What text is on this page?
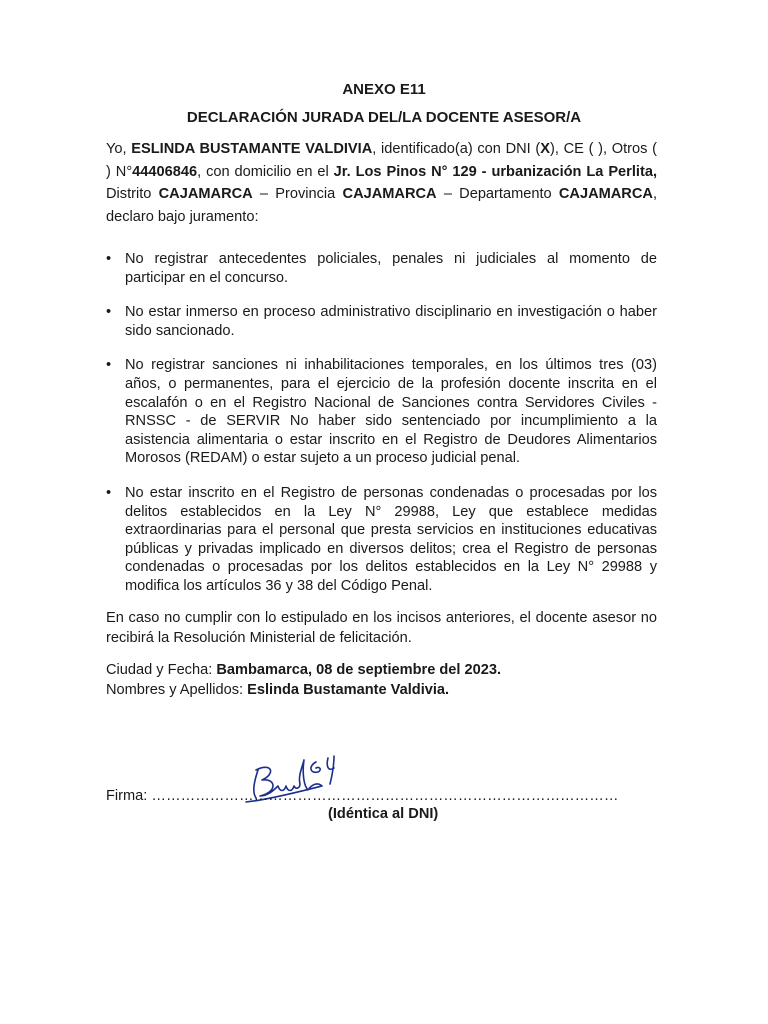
ANEXO E11
DECLARACIÓN JURADA DEL/LA DOCENTE ASESOR/A
Yo, ESLINDA BUSTAMANTE VALDIVIA, identificado(a) con DNI (X), CE ( ), Otros ( ) N°44406846, con domicilio en el Jr. Los Pinos N° 129 - urbanización La Perlita, Distrito CAJAMARCA – Provincia CAJAMARCA – Departamento CAJAMARCA, declaro bajo juramento:
• No registrar antecedentes policiales, penales ni judiciales al momento de participar en el concurso.
• No estar inmerso en proceso administrativo disciplinario en investigación o haber sido sancionado.
• No registrar sanciones ni inhabilitaciones temporales, en los últimos tres (03) años, o permanentes, para el ejercicio de la profesión docente inscrita en el escalafón o en el Registro Nacional de Sanciones contra Servidores Civiles - RNSSC - de SERVIR No haber sido sentenciado por incumplimiento a la asistencia alimentaria o estar inscrito en el Registro de Deudores Alimentarios Morosos (REDAM) o estar sujeto a un proceso judicial penal.
• No estar inscrito en el Registro de personas condenadas o procesadas por los delitos establecidos en la Ley N° 29988, Ley que establece medidas extraordinarias para el personal que presta servicios en instituciones educativas públicas y privadas implicado en diversos delitos; crea el Registro de personas condenadas o procesadas por los delitos establecidos en la Ley N° 29988 y modifica los artículos 36 y 38 del Código Penal.
En caso no cumplir con lo estipulado en los incisos anteriores, el docente asesor no recibirá la Resolución Ministerial de felicitación.
Ciudad y Fecha: Bambamarca, 08 de septiembre del 2023.
Nombres y Apellidos: Eslinda Bustamante Valdivia.
Firma: ……………………………………………………………………………………
(Idéntica al DNI)
